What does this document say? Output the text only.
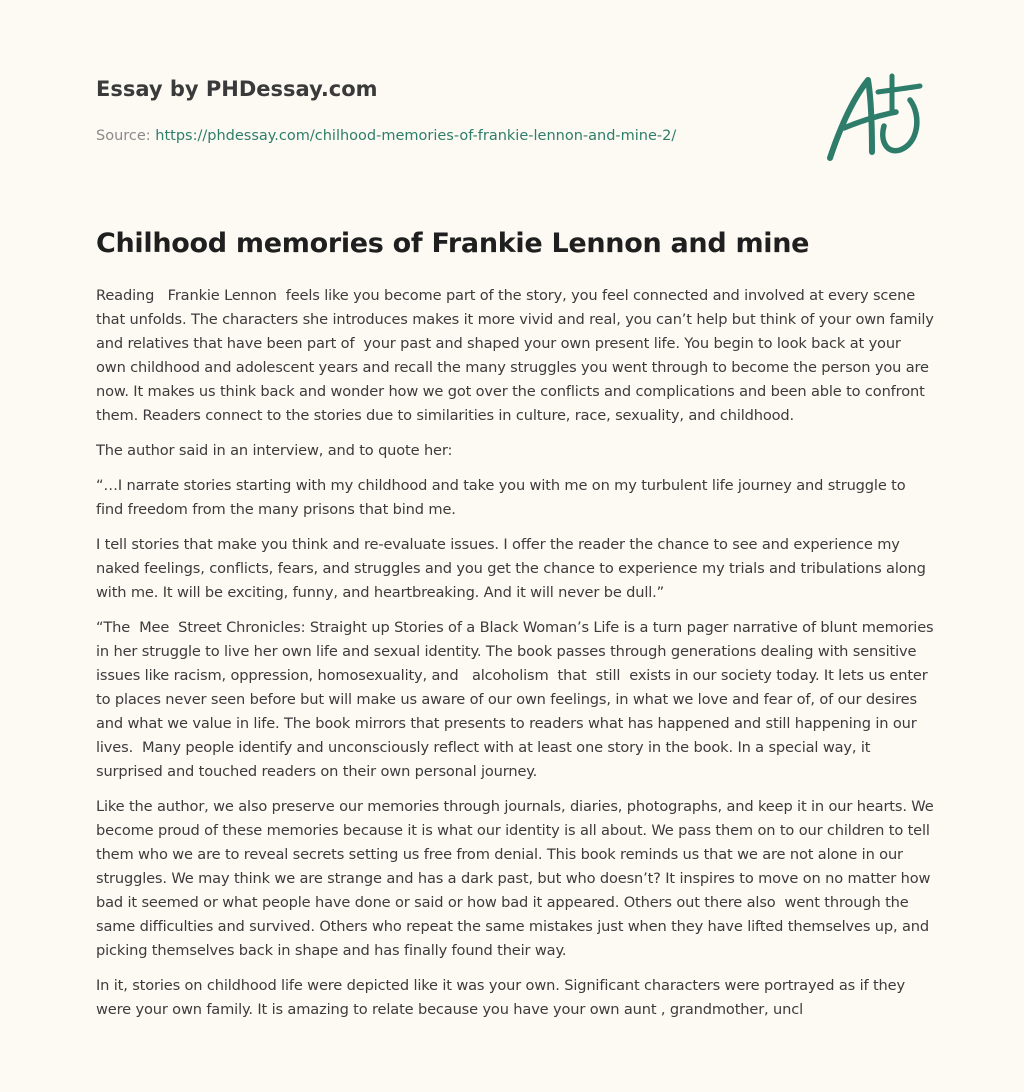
Essay by PHDessay.com
Source: https://phdessay.com/chilhood-memories-of-frankie-lennon-and-mine-2/
Chilhood memories of Frankie Lennon and mine

Reading   Frankie Lennon  feels like you become part of the story, you feel connected and involved at every scene that unfolds. The characters she introduces makes it more vivid and real, you can’t help but think of your own family and relatives that have been part of  your past and shaped your own present life. You begin to look back at your own childhood and adolescent years and recall the many struggles you went through to become the person you are now. It makes us think back and wonder how we got over the conflicts and complications and been able to confront them. Readers connect to the stories due to similarities in culture, race, sexuality, and childhood.

The author said in an interview, and to quote her:

“…I narrate stories starting with my childhood and take you with me on my turbulent life journey and struggle to find freedom from the many prisons that bind me.

I tell stories that make you think and re-evaluate issues. I offer the reader the chance to see and experience my naked feelings, conflicts, fears, and struggles and you get the chance to experience my trials and tribulations along with me. It will be exciting, funny, and heartbreaking. And it will never be dull.”

“The  Mee  Street Chronicles: Straight up Stories of a Black Woman’s Life is a turn pager narrative of blunt memories in her struggle to live her own life and sexual identity. The book passes through generations dealing with sensitive issues like racism, oppression, homosexuality, and   alcoholism  that  still  exists in our society today. It lets us enter to places never seen before but will make us aware of our own feelings, in what we love and fear of, of our desires and what we value in life. The book mirrors that presents to readers what has happened and still happening in our lives.  Many people identify and unconsciously reflect with at least one story in the book. In a special way, it surprised and touched readers on their own personal journey.

Like the author, we also preserve our memories through journals, diaries, photographs, and keep it in our hearts. We become proud of these memories because it is what our identity is all about. We pass them on to our children to tell them who we are to reveal secrets setting us free from denial. This book reminds us that we are not alone in our struggles. We may think we are strange and has a dark past, but who doesn’t? It inspires to move on no matter how bad it seemed or what people have done or said or how bad it appeared. Others out there also  went through the same difficulties and survived. Others who repeat the same mistakes just when they have lifted themselves up, and picking themselves back in shape and has finally found their way.

In it, stories on childhood life were depicted like it was your own. Significant characters were portrayed as if they were your own family. It is amazing to relate because you have your own aunt , grandmother, uncl
